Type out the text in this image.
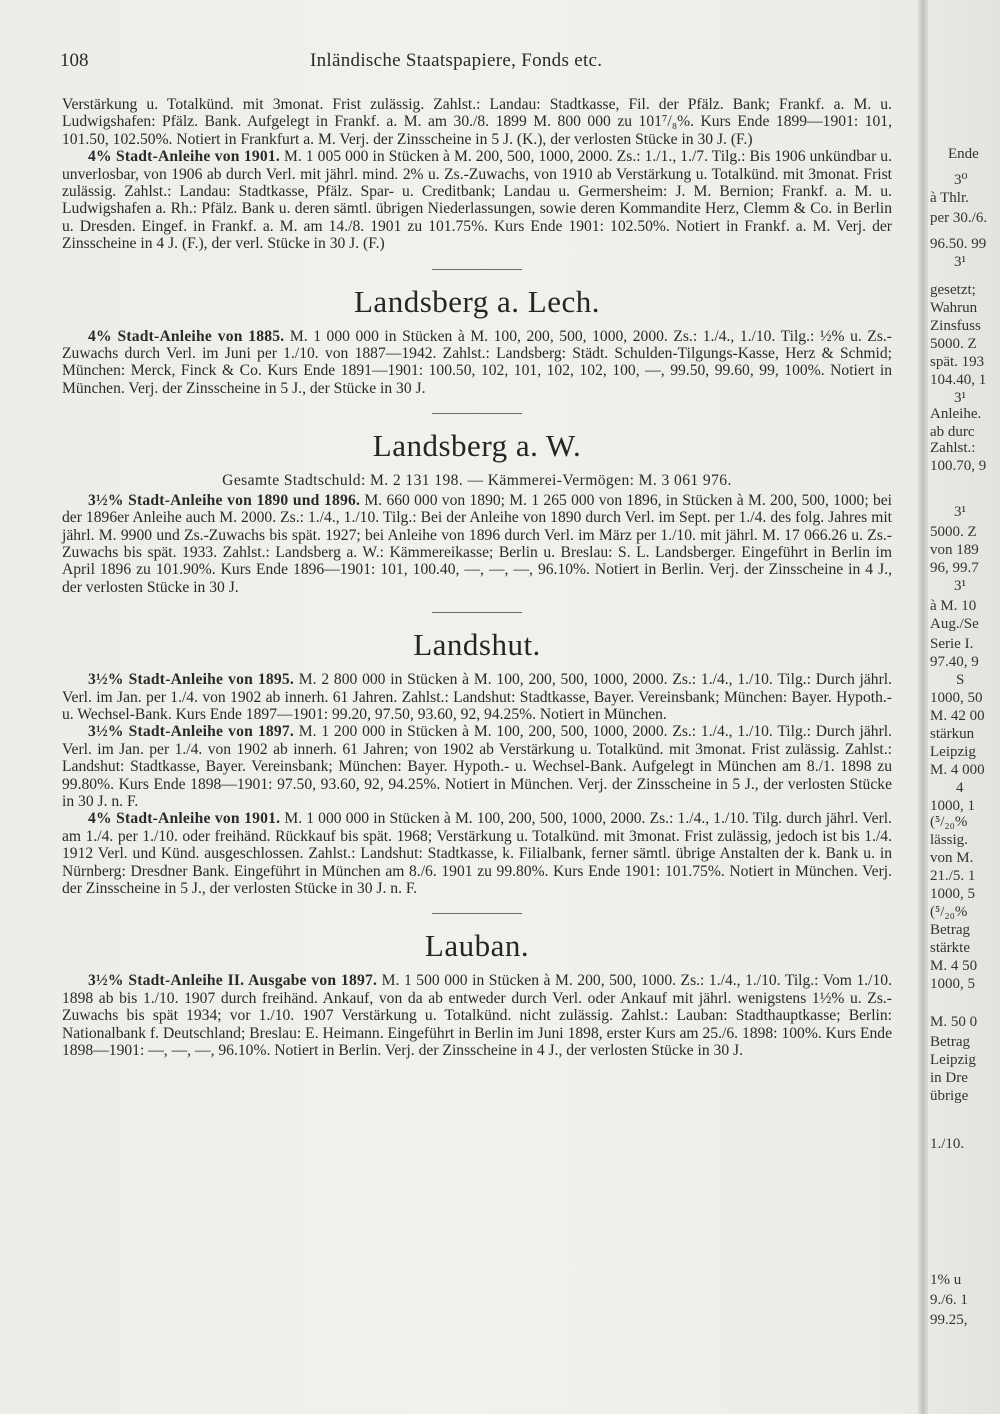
108	Inländische Staatspapiere, Fonds etc.

Verstärkung u. Totalkünd. mit 3monat. Frist zulässig. Zahlst.: Landau: Stadtkasse, Fil. der Pfälz. Bank; Frankf. a. M. u. Ludwigshafen: Pfälz. Bank. Aufgelegt in Frankf. a. M. am 30./8. 1899 M. 800 000 zu 101⁷/₈%. Kurs Ende 1899—1901: 101, 101.50, 102.50%. Notiert in Frankfurt a. M. Verj. der Zinsscheine in 5 J. (K.), der verlosten Stücke in 30 J. (F.)

4% Stadt-Anleihe von 1901. M. 1 005 000 in Stücken à M. 200, 500, 1000, 2000. Zs.: 1./1., 1./7. Tilg.: Bis 1906 unkündbar u. unverlosbar, von 1906 ab durch Verl. mit jährl. mind. 2% u. Zs.-Zuwachs, von 1910 ab Verstärkung u. Totalkünd. mit 3monat. Frist zulässig. Zahlst.: Landau: Stadtkasse, Pfälz. Spar- u. Creditbank; Landau u. Germersheim: J. M. Bernion; Frankf. a. M. u. Ludwigshafen a. Rh.: Pfälz. Bank u. deren sämtl. übrigen Niederlassungen, sowie deren Kommandite Herz, Clemm & Co. in Berlin u. Dresden. Eingef. in Frankf. a. M. am 14./8. 1901 zu 101.75%. Kurs Ende 1901: 102.50%. Notiert in Frankf. a. M. Verj. der Zinsscheine in 4 J. (F.), der verl. Stücke in 30 J. (F.)

Landsberg a. Lech.

4% Stadt-Anleihe von 1885. M. 1 000 000 in Stücken à M. 100, 200, 500, 1000, 2000. Zs.: 1./4., 1./10. Tilg.: ½% u. Zs.-Zuwachs durch Verl. im Juni per 1./10. von 1887—1942. Zahlst.: Landsberg: Städt. Schulden-Tilgungs-Kasse, Herz & Schmid; München: Merck, Finck & Co. Kurs Ende 1891—1901: 100.50, 102, 101, 102, 102, 100, —, 99.50, 99.60, 99, 100%. Notiert in München. Verj. der Zinsscheine in 5 J., der Stücke in 30 J.

Landsberg a. W.

Gesamte Stadtschuld: M. 2 131 198. — Kämmerei-Vermögen: M. 3 061 976.

3½% Stadt-Anleihe von 1890 und 1896. M. 660 000 von 1890; M. 1 265 000 von 1896, in Stücken à M. 200, 500, 1000; bei der 1896er Anleihe auch M. 2000. Zs.: 1./4., 1./10. Tilg.: Bei der Anleihe von 1890 durch Verl. im Sept. per 1./4. des folg. Jahres mit jährl. M. 9900 und Zs.-Zuwachs bis spät. 1927; bei Anleihe von 1896 durch Verl. im März per 1./10. mit jährl. M. 17 066.26 u. Zs.-Zuwachs bis spät. 1933. Zahlst.: Landsberg a. W.: Kämmereikasse; Berlin u. Breslau: S. L. Landsberger. Eingeführt in Berlin im April 1896 zu 101.90%. Kurs Ende 1896—1901: 101, 100.40, —, —, —, 96.10%. Notiert in Berlin. Verj. der Zinsscheine in 4 J., der verlosten Stücke in 30 J.

Landshut.

3½% Stadt-Anleihe von 1895. M. 2 800 000 in Stücken à M. 100, 200, 500, 1000, 2000. Zs.: 1./4., 1./10. Tilg.: Durch jährl. Verl. im Jan. per 1./4. von 1902 ab innerh. 61 Jahren. Zahlst.: Landshut: Stadtkasse, Bayer. Vereinsbank; München: Bayer. Hypoth.- u. Wechsel-Bank. Kurs Ende 1897—1901: 99.20, 97.50, 93.60, 92, 94.25%. Notiert in München.

3½% Stadt-Anleihe von 1897. M. 1 200 000 in Stücken à M. 100, 200, 500, 1000, 2000. Zs.: 1./4., 1./10. Tilg.: Durch jährl. Verl. im Jan. per 1./4. von 1902 ab innerh. 61 Jahren; von 1902 ab Verstärkung u. Totalkünd. mit 3monat. Frist zulässig. Zahlst.: Landshut: Stadtkasse, Bayer. Vereinsbank; München: Bayer. Hypoth.- u. Wechsel-Bank. Aufgelegt in München am 8./1. 1898 zu 99.80%. Kurs Ende 1898—1901: 97.50, 93.60, 92, 94.25%. Notiert in München. Verj. der Zinsscheine in 5 J., der verlosten Stücke in 30 J. n. F.

4% Stadt-Anleihe von 1901. M. 1 000 000 in Stücken à M. 100, 200, 500, 1000, 2000. Zs.: 1./4., 1./10. Tilg. durch jährl. Verl. am 1./4. per 1./10. oder freihänd. Rückkauf bis spät. 1968; Verstärkung u. Totalkünd. mit 3monat. Frist zulässig, jedoch ist bis 1./4. 1912 Verl. und Künd. ausgeschlossen. Zahlst.: Landshut: Stadtkasse, k. Filialbank, ferner sämtl. übrige Anstalten der k. Bank u. in Nürnberg: Dresdner Bank. Eingeführt in München am 8./6. 1901 zu 99.80%. Kurs Ende 1901: 101.75%. Notiert in München. Verj. der Zinsscheine in 5 J., der verlosten Stücke in 30 J. n. F.

Lauban.

3½% Stadt-Anleihe II. Ausgabe von 1897. M. 1 500 000 in Stücken à M. 200, 500, 1000. Zs.: 1./4., 1./10. Tilg.: Vom 1./10. 1898 ab bis 1./10. 1907 durch freihänd. Ankauf, von da ab entweder durch Verl. oder Ankauf mit jährl. wenigstens 1½% u. Zs.-Zuwachs bis spät 1934; vor 1./10. 1907 Verstärkung u. Totalkünd. nicht zulässig. Zahlst.: Lauban: Stadthauptkasse; Berlin: Nationalbank f. Deutschland; Breslau: E. Heimann. Eingeführt in Berlin im Juni 1898, erster Kurs am 25./6. 1898: 100%. Kurs Ende 1898—1901: —, —, —, 96.10%. Notiert in Berlin. Verj. der Zinsscheine in 4 J., der verlosten Stücke in 30 J.

Ende
3⁰
à Thlr.
per 30./6.
96.50. 99
3¹
gesetzt;
Wahrun
Zinsfuss
5000. Z
spät. 193
104.40, 1
3¹
Anleihe.
ab durc
Zahlst.:
100.70, 9
3¹
5000. Z
von 189
96, 99.7
3¹
à M. 10
Aug./Se
Serie I.
97.40, 9
S
1000, 50
M. 42 00
stärkun
Leipzig
M. 4 000
4
1000, 1
(⁵/₂₀%
lässig.
von M.
21./5. 1
1000, 5
(⁵/₂₀%
Betrag
stärkte
M. 4 50
1000, 5
M. 50 0
Betrag
Leipzig
in Dre
übrige
1./10.
1% u
9./6. 1
99.25,
